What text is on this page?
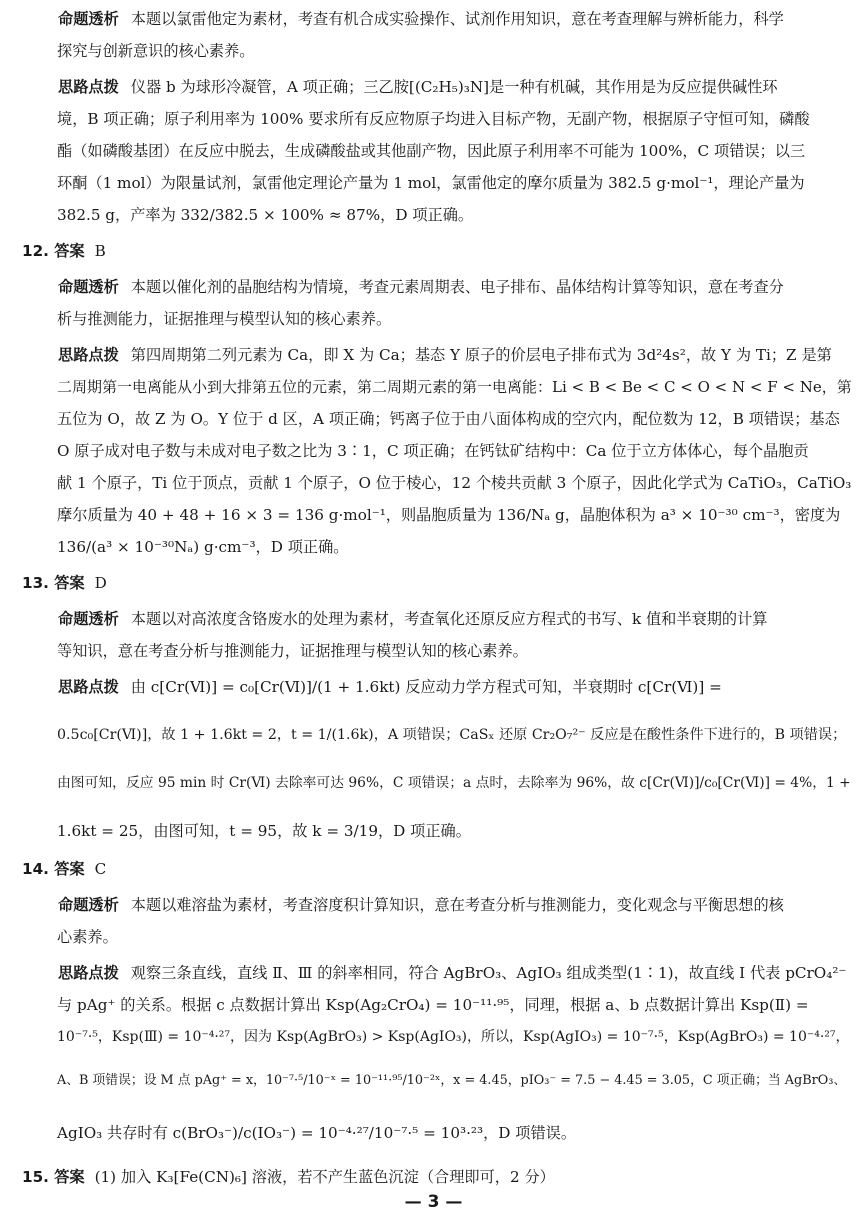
命题透析 本题以氯雷他定为素材，考查有机合成实验操作、试剂作用知识，意在考查理解与辨析能力，科学
探究与创新意识的核心素养。
思路点拨 仪器 b 为球形冷凝管，A 项正确；三乙胺[(C₂H₅)₃N]是一种有机碱，其作用是为反应提供碱性环
境，B 项正确；原子利用率为 100% 要求所有反应物原子均进入目标产物，无副产物，根据原子守恒可知，磷酸
酯（如磷酸基团）在反应中脱去，生成磷酸盐或其他副产物，因此原子利用率不可能为 100%，C 项错误；以三
环酮（1 mol）为限量试剂，氯雷他定理论产量为 1 mol，氯雷他定的摩尔质量为 382.5 g·mol⁻¹，理论产量为
382.5 g，产率为 332/382.5 × 100% ≈ 87%，D 项正确。
12. 答案 B
命题透析 本题以催化剂的晶胞结构为情境，考查元素周期表、电子排布、晶体结构计算等知识，意在考查分
析与推测能力，证据推理与模型认知的核心素养。
思路点拨 第四周期第二列元素为 Ca，即 X 为 Ca；基态 Y 原子的价层电子排布式为 3d²4s²，故 Y 为 Ti；Z 是第
二周期第一电离能从小到大排第五位的元素，第二周期元素的第一电离能：Li < B < Be < C < O < N < F < Ne，第
五位为 O，故 Z 为 O。Y 位于 d 区，A 项正确；钙离子位于由八面体构成的空穴内，配位数为 12，B 项错误；基态
O 原子成对电子数与未成对电子数之比为 3∶1，C 项正确；在钙钛矿结构中：Ca 位于立方体体心，每个晶胞贡
献 1 个原子，Ti 位于顶点，贡献 1 个原子，O 位于棱心，12 个棱共贡献 3 个原子，因此化学式为 CaTiO₃，CaTiO₃
摩尔质量为 40 + 48 + 16 × 3 = 136 g·mol⁻¹，则晶胞质量为 136/Nₐ g，晶胞体积为 a³ × 10⁻³⁰ cm⁻³，密度为
136/(a³ × 10⁻³⁰Nₐ) g·cm⁻³，D 项正确。
13. 答案 D
命题透析 本题以对高浓度含铬废水的处理为素材，考查氧化还原反应方程式的书写、k 值和半衰期的计算
等知识，意在考查分析与推测能力，证据推理与模型认知的核心素养。
思路点拨 由 c[Cr(Ⅵ)] = c₀[Cr(Ⅵ)]/(1 + 1.6kt) 反应动力学方程式可知，半衰期时 c[Cr(Ⅵ)] =
0.5c₀[Cr(Ⅵ)]，故 1 + 1.6kt = 2，t = 1/(1.6k)，A 项错误；CaSₓ 还原 Cr₂O₇²⁻ 反应是在酸性条件下进行的，B 项错误；
由图可知，反应 95 min 时 Cr(Ⅵ) 去除率可达 96%，C 项错误；a 点时，去除率为 96%，故 c[Cr(Ⅵ)]/c₀[Cr(Ⅵ)] = 4%，1 +
1.6kt = 25，由图可知，t = 95，故 k = 3/19，D 项正确。
14. 答案 C
命题透析 本题以难溶盐为素材，考查溶度积计算知识，意在考查分析与推测能力，变化观念与平衡思想的核
心素养。
思路点拨 观察三条直线，直线 Ⅱ、Ⅲ 的斜率相同，符合 AgBrO₃、AgIO₃ 组成类型(1∶1)，故直线 Ⅰ 代表 pCrO₄²⁻
与 pAg⁺ 的关系。根据 c 点数据计算出 Ksp(Ag₂CrO₄) = 10⁻¹¹·⁹⁵，同理，根据 a、b 点数据计算出 Ksp(Ⅱ) =
10⁻⁷·⁵，Ksp(Ⅲ) = 10⁻⁴·²⁷，因为 Ksp(AgBrO₃) > Ksp(AgIO₃)，所以，Ksp(AgIO₃) = 10⁻⁷·⁵，Ksp(AgBrO₃) = 10⁻⁴·²⁷，
A、B 项错误；设 M 点 pAg⁺ = x，10⁻⁷·⁵/10⁻ˣ = 10⁻¹¹·⁹⁵/10⁻²ˣ，x = 4.45，pIO₃⁻ = 7.5 − 4.45 = 3.05，C 项正确；当 AgBrO₃、
AgIO₃ 共存时有 c(BrO₃⁻)/c(IO₃⁻) = 10⁻⁴·²⁷/10⁻⁷·⁵ = 10³·²³，D 项错误。
15. 答案 (1) 加入 K₃[Fe(CN)₆] 溶液，若不产生蓝色沉淀（合理即可，2 分）
— 3 —
